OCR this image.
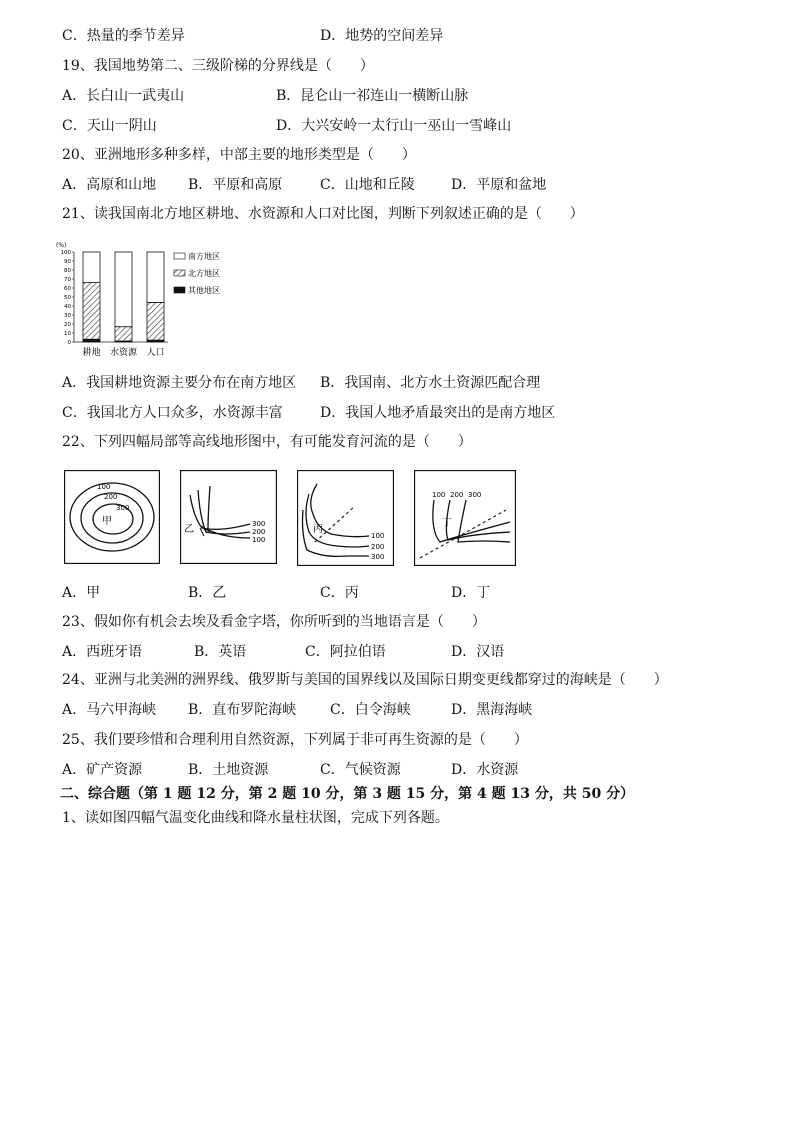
C．热量的季节差异	D．地势的空间差异
19、我国地势第二、三级阶梯的分界线是（　　）
A．长白山一武夷山	B．昆仑山一祁连山一横断山脉
C．天山一阴山	D．大兴安岭一太行山一巫山一雪峰山
20、亚洲地形多种多样，中部主要的地形类型是（　　）
A．高原和山地 B．平原和高原	C．山地和丘陵	D．平原和盆地
21、读我国南北方地区耕地、水资源和人口对比图，判断下列叙述正确的是（　　）
(%)
0
10
20
30
40
50
60
70
80
90
100
耕地 水资源 人口
南方地区
北方地区
其他地区
A．我国耕地资源主要分布在南方地区 B．我国南、北方水土资源匹配合理
C．我国北方人口众多，水资源丰富	D．我国人地矛盾最突出的是南方地区
22、下列四幅局部等高线地形图中，有可能发育河流的是（　　）
100
200
300
甲	300
200
100
乙
100
200
300
丙
100 200 300
丁
A．甲	B．乙	C．丙	D．丁
23、假如你有机会去埃及看金字塔，你所听到的当地语言是（　　）
A．西班牙语	B．英语	C．阿拉伯语	D．汉语
24、亚洲与北美洲的洲界线、俄罗斯与美国的国界线以及国际日期变更线都穿过的海峡是（　　）
A．马六甲海峡 B．直布罗陀海峡 C．白令海峡	D．黑海海峡
25、我们要珍惜和合理利用自然资源，下列属于非可再生资源的是（　　）
A．矿产资源	B．土地资源	C．气候资源	D．水资源
二、综合题（第 1 题 12 分，第 2 题 10 分，第 3 题 15 分，第 4 题 13 分，共 50 分）
1、读如图四幅气温变化曲线和降水量柱状图，完成下列各题。
